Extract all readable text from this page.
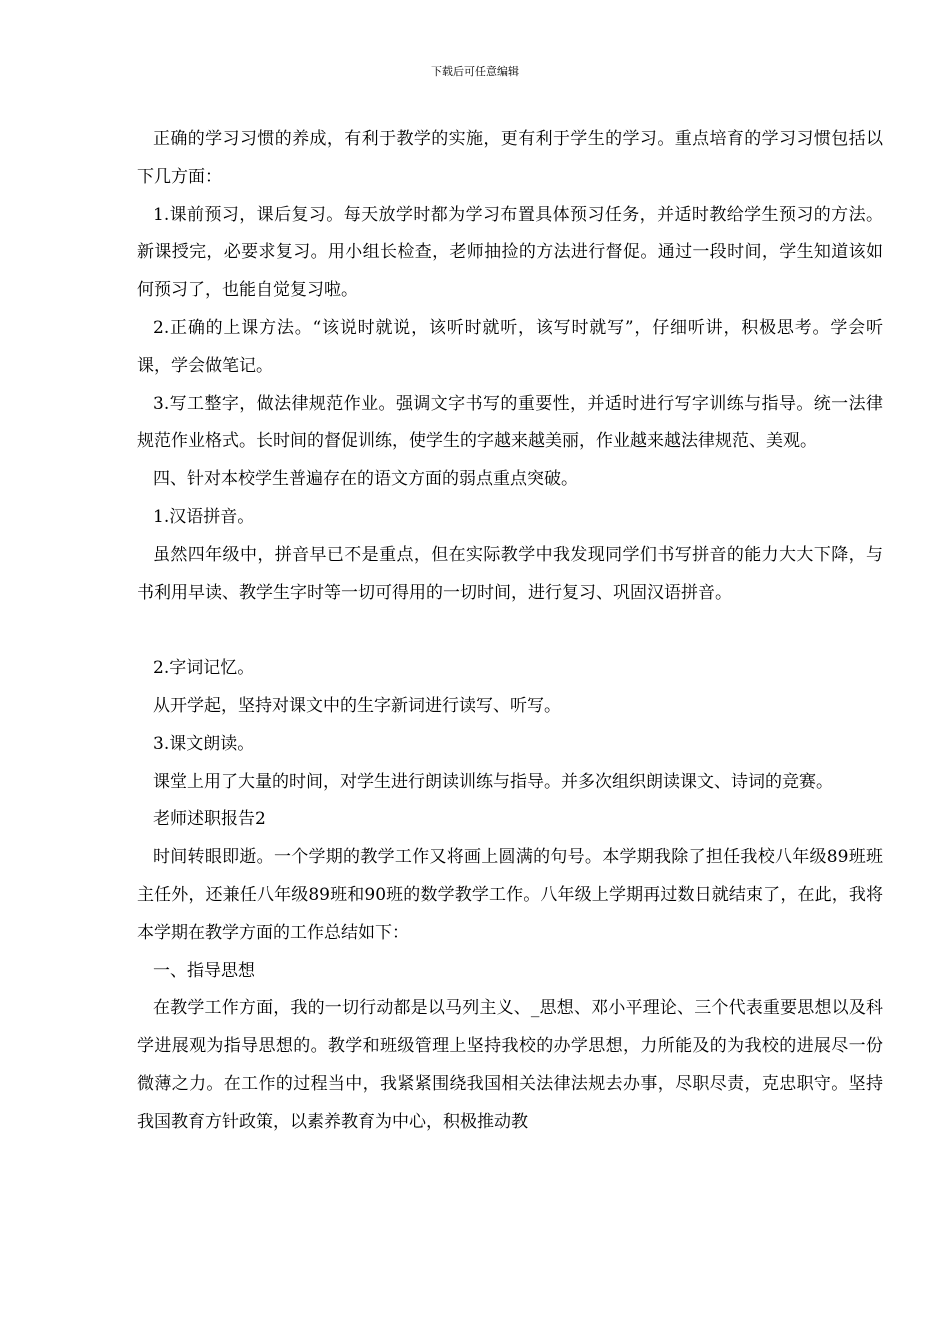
下载后可任意编辑

正确的学习习惯的养成，有利于教学的实施，更有利于学生的学习。重点培育的学习习惯包括以下几方面：

1.课前预习，课后复习。每天放学时都为学习布置具体预习任务，并适时教给学生预习的方法。新课授完，必要求复习。用小组长检查，老师抽捡的方法进行督促。通过一段时间，学生知道该如何预习了，也能自觉复习啦。

2.正确的上课方法。“该说时就说，该听时就听，该写时就写”，仔细听讲，积极思考。学会听课，学会做笔记。

3.写工整字，做法律规范作业。强调文字书写的重要性，并适时进行写字训练与指导。统一法律规范作业格式。长时间的督促训练，使学生的字越来越美丽，作业越来越法律规范、美观。

四、针对本校学生普遍存在的语文方面的弱点重点突破。

1.汉语拼音。

虽然四年级中，拼音早已不是重点，但在实际教学中我发现同学们书写拼音的能力大大下降，与书利用早读、教学生字时等一切可得用的一切时间，进行复习、巩固汉语拼音。

2.字词记忆。

从开学起，坚持对课文中的生字新词进行读写、听写。

3.课文朗读。

课堂上用了大量的时间，对学生进行朗读训练与指导。并多次组织朗读课文、诗词的竞赛。

老师述职报告2

时间转眼即逝。一个学期的教学工作又将画上圆满的句号。本学期我除了担任我校八年级89班班主任外，还兼任八年级89班和90班的数学教学工作。八年级上学期再过数日就结束了，在此，我将本学期在教学方面的工作总结如下：

一、指导思想

在教学工作方面，我的一切行动都是以马列主义、_思想、邓小平理论、三个代表重要思想以及科学进展观为指导思想的。教学和班级管理上坚持我校的办学思想，力所能及的为我校的进展尽一份微薄之力。在工作的过程当中，我紧紧围绕我国相关法律法规去办事，尽职尽责，克忠职守。坚持我国教育方针政策，以素养教育为中心，积极推动教
